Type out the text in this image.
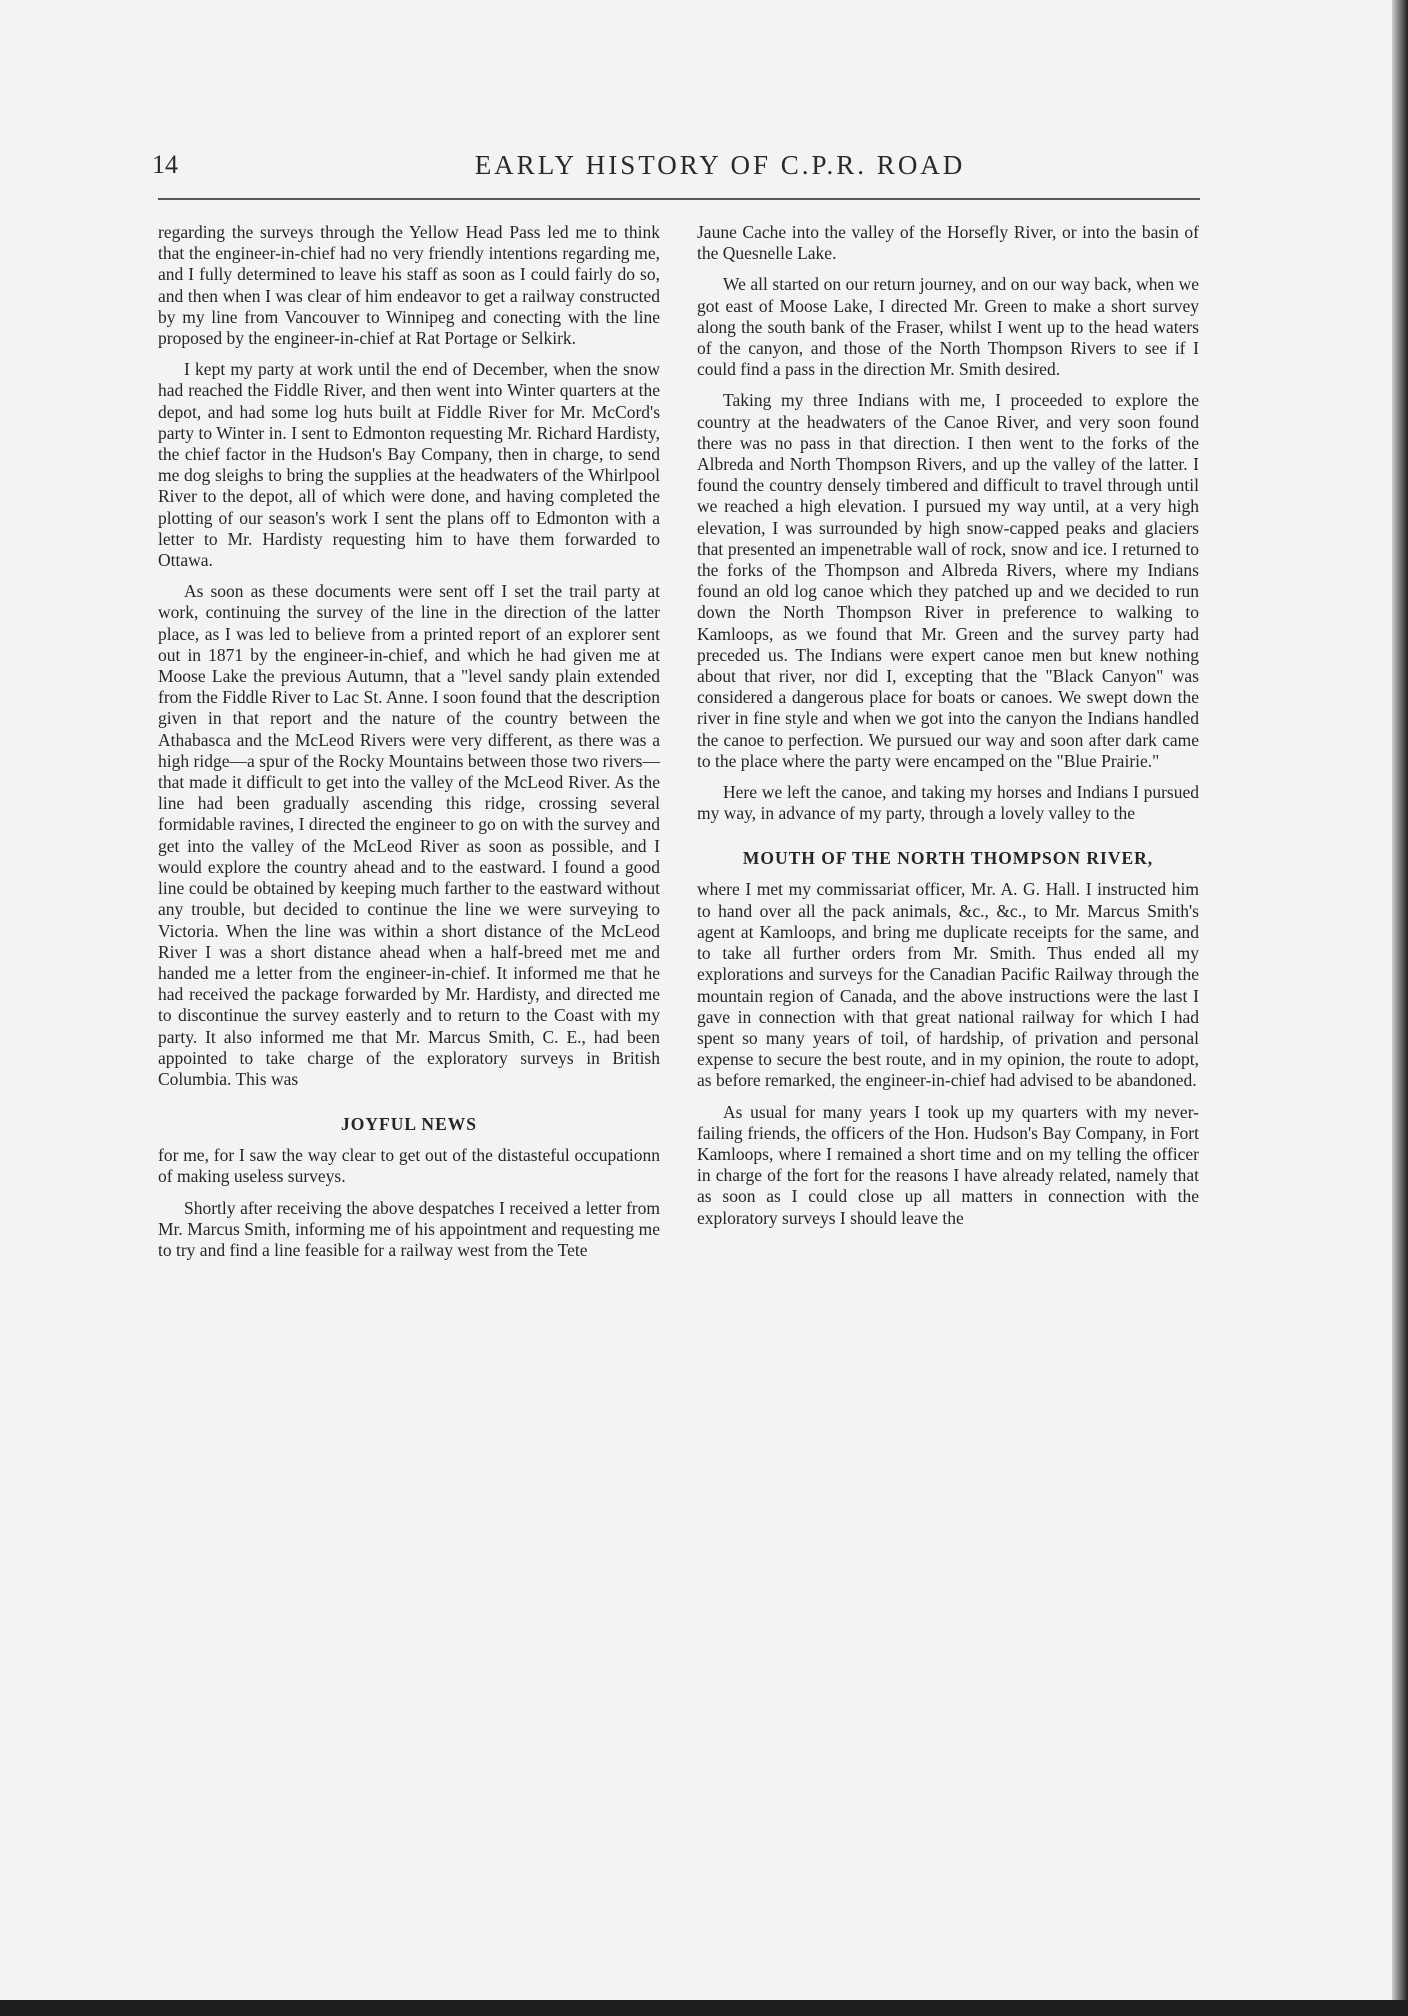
14	EARLY HISTORY OF C.P.R. ROAD

regarding the surveys through the Yellow Head Pass led me to think that the engineer-in-chief had no very friendly intentions regarding me, and I fully determined to leave his staff as soon as I could fairly do so, and then when I was clear of him endeavor to get a railway constructed by my line from Vancouver to Winnipeg and conecting with the line proposed by the engineer-in-chief at Rat Portage or Selkirk.

I kept my party at work until the end of December, when the snow had reached the Fiddle River, and then went into Winter quarters at the depot, and had some log huts built at Fiddle River for Mr. McCord's party to Winter in. I sent to Edmonton requesting Mr. Richard Hardisty, the chief factor in the Hudson's Bay Company, then in charge, to send me dog sleighs to bring the supplies at the headwaters of the Whirlpool River to the depot, all of which were done, and having completed the plotting of our season's work I sent the plans off to Edmonton with a letter to Mr. Hardisty requesting him to have them forwarded to Ottawa.

As soon as these documents were sent off I set the trail party at work, continuing the survey of the line in the direction of the latter place, as I was led to believe from a printed report of an explorer sent out in 1871 by the engineer-in-chief, and which he had given me at Moose Lake the previous Autumn, that a "level sandy plain extended from the Fiddle River to Lac St. Anne. I soon found that the description given in that report and the nature of the country between the Athabasca and the McLeod Rivers were very different, as there was a high ridge—a spur of the Rocky Mountains between those two rivers—that made it difficult to get into the valley of the McLeod River. As the line had been gradually ascending this ridge, crossing several formidable ravines, I directed the engineer to go on with the survey and get into the valley of the McLeod River as soon as possible, and I would explore the country ahead and to the eastward. I found a good line could be obtained by keeping much farther to the eastward without any trouble, but decided to continue the line we were surveying to Victoria. When the line was within a short distance of the McLeod River I was a short distance ahead when a half-breed met me and handed me a letter from the engineer-in-chief. It informed me that he had received the package forwarded by Mr. Hardisty, and directed me to discontinue the survey easterly and to return to the Coast with my party. It also informed me that Mr. Marcus Smith, C. E., had been appointed to take charge of the exploratory surveys in British Columbia. This was

JOYFUL NEWS

for me, for I saw the way clear to get out of the distasteful occupationn of making useless surveys.

Shortly after receiving the above despatches I received a letter from Mr. Marcus Smith, informing me of his appointment and requesting me to try and find a line feasible for a railway west from the Tete

Jaune Cache into the valley of the Horsefly River, or into the basin of the Quesnelle Lake.

We all started on our return journey, and on our way back, when we got east of Moose Lake, I directed Mr. Green to make a short survey along the south bank of the Fraser, whilst I went up to the head waters of the canyon, and those of the North Thompson Rivers to see if I could find a pass in the direction Mr. Smith desired.

Taking my three Indians with me, I proceeded to explore the country at the headwaters of the Canoe River, and very soon found there was no pass in that direction. I then went to the forks of the Albreda and North Thompson Rivers, and up the valley of the latter. I found the country densely timbered and difficult to travel through until we reached a high elevation. I pursued my way until, at a very high elevation, I was surrounded by high snow-capped peaks and glaciers that presented an impenetrable wall of rock, snow and ice. I returned to the forks of the Thompson and Albreda Rivers, where my Indians found an old log canoe which they patched up and we decided to run down the North Thompson River in preference to walking to Kamloops, as we found that Mr. Green and the survey party had preceded us. The Indians were expert canoe men but knew nothing about that river, nor did I, excepting that the "Black Canyon" was considered a dangerous place for boats or canoes. We swept down the river in fine style and when we got into the canyon the Indians handled the canoe to perfection. We pursued our way and soon after dark came to the place where the party were encamped on the "Blue Prairie."

Here we left the canoe, and taking my horses and Indians I pursued my way, in advance of my party, through a lovely valley to the

MOUTH OF THE NORTH THOMPSON RIVER,

where I met my commissariat officer, Mr. A. G. Hall. I instructed him to hand over all the pack animals, &c., &c., to Mr. Marcus Smith's agent at Kamloops, and bring me duplicate receipts for the same, and to take all further orders from Mr. Smith. Thus ended all my explorations and surveys for the Canadian Pacific Railway through the mountain region of Canada, and the above instructions were the last I gave in connection with that great national railway for which I had spent so many years of toil, of hardship, of privation and personal expense to secure the best route, and in my opinion, the route to adopt, as before remarked, the engineer-in-chief had advised to be abandoned.

As usual for many years I took up my quarters with my never-failing friends, the officers of the Hon. Hudson's Bay Company, in Fort Kamloops, where I remained a short time and on my telling the officer in charge of the fort for the reasons I have already related, namely that as soon as I could close up all matters in connection with the exploratory surveys I should leave the
